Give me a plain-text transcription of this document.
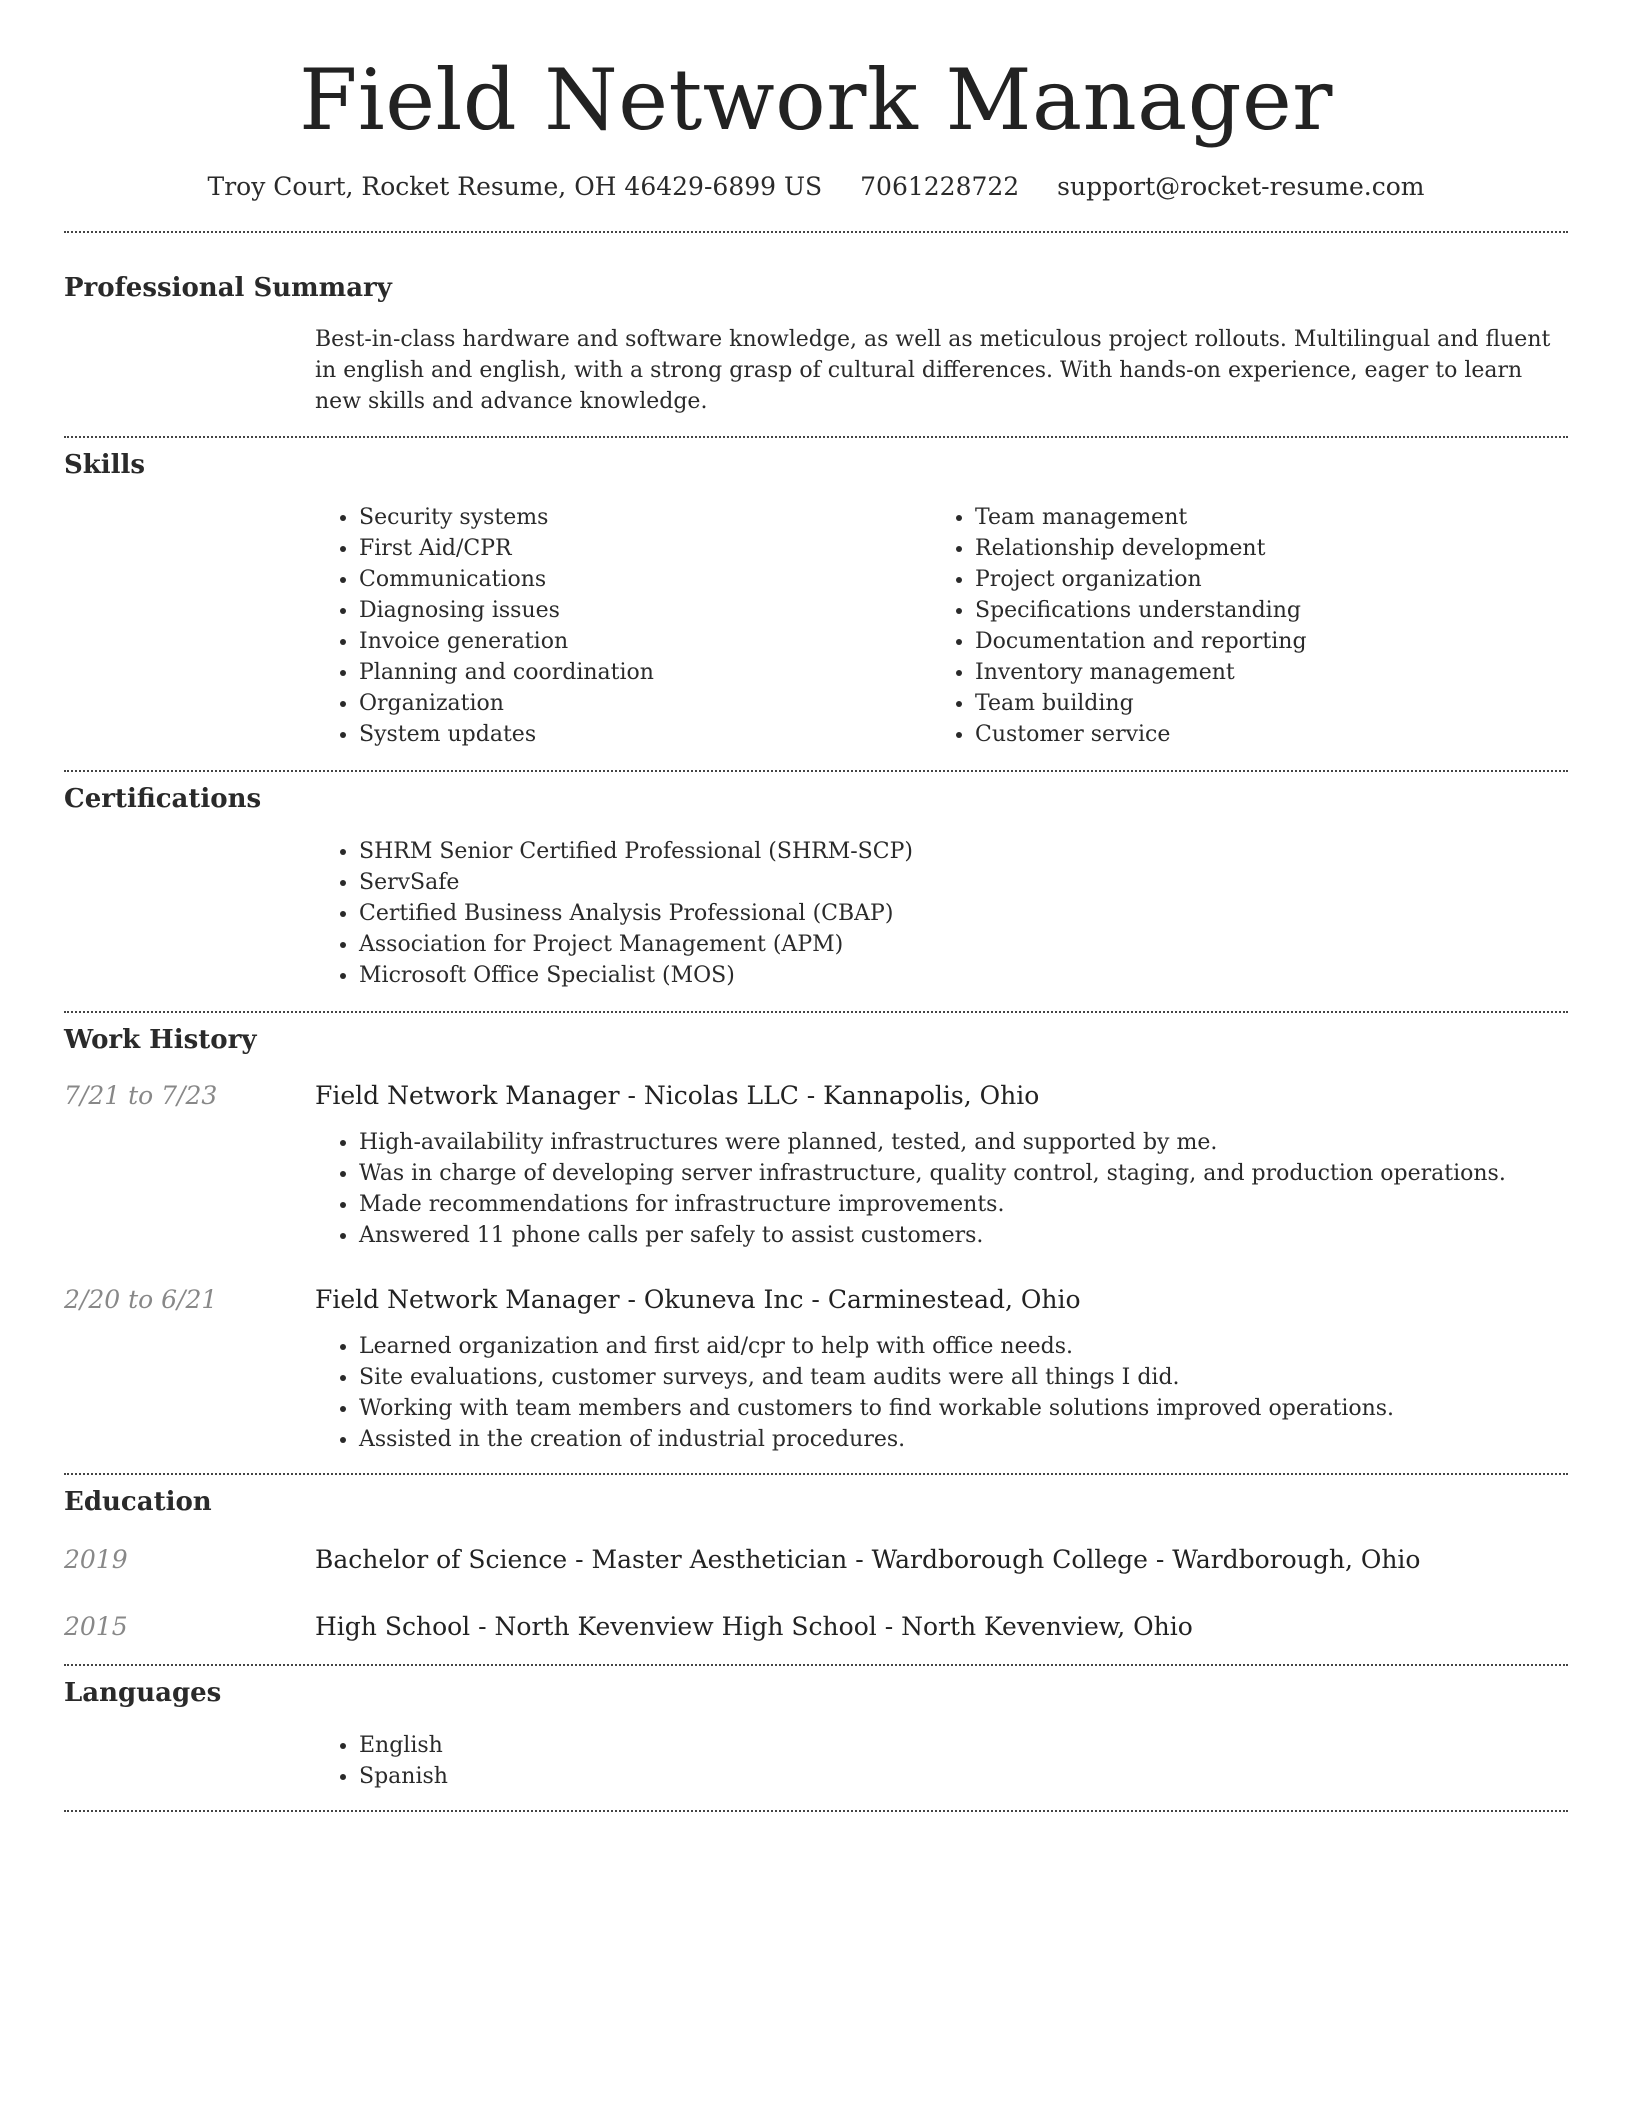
Field Network Manager
Troy Court, Rocket Resume, OH 46429-6899 US 7061228722 support@rocket-resume.com
Professional Summary

Best-in-class hardware and software knowledge, as well as meticulous project rollouts. Multilingual and fluent in english and english, with a strong grasp of cultural differences. With hands-on experience, eager to learn new skills and advance knowledge.

Skills
• Security systems
• First Aid/CPR
• Communications
• Diagnosing issues
• Invoice generation
• Planning and coordination
• Organization
• System updates
• Team management
• Relationship development
• Project organization
• Specifications understanding
• Documentation and reporting
• Inventory management
• Team building
• Customer service
Certifications
• SHRM Senior Certified Professional (SHRM-SCP)
• ServSafe
• Certified Business Analysis Professional (CBAP)
• Association for Project Management (APM)
• Microsoft Office Specialist (MOS)
Work History
7/21 to 7/23	Field Network Manager - Nicolas LLC - Kannapolis, Ohio
• High-availability infrastructures were planned, tested, and supported by me.
• Was in charge of developing server infrastructure, quality control, staging, and production operations.
• Made recommendations for infrastructure improvements.
• Answered 11 phone calls per safely to assist customers.
2/20 to 6/21	Field Network Manager - Okuneva Inc - Carminestead, Ohio
• Learned organization and first aid/cpr to help with office needs.
• Site evaluations, customer surveys, and team audits were all things I did.
• Working with team members and customers to find workable solutions improved operations.
• Assisted in the creation of industrial procedures.
Education
2019	Bachelor of Science - Master Aesthetician - Wardborough College - Wardborough, Ohio
2015	High School - North Kevenview High School - North Kevenview, Ohio
Languages
• English
• Spanish
